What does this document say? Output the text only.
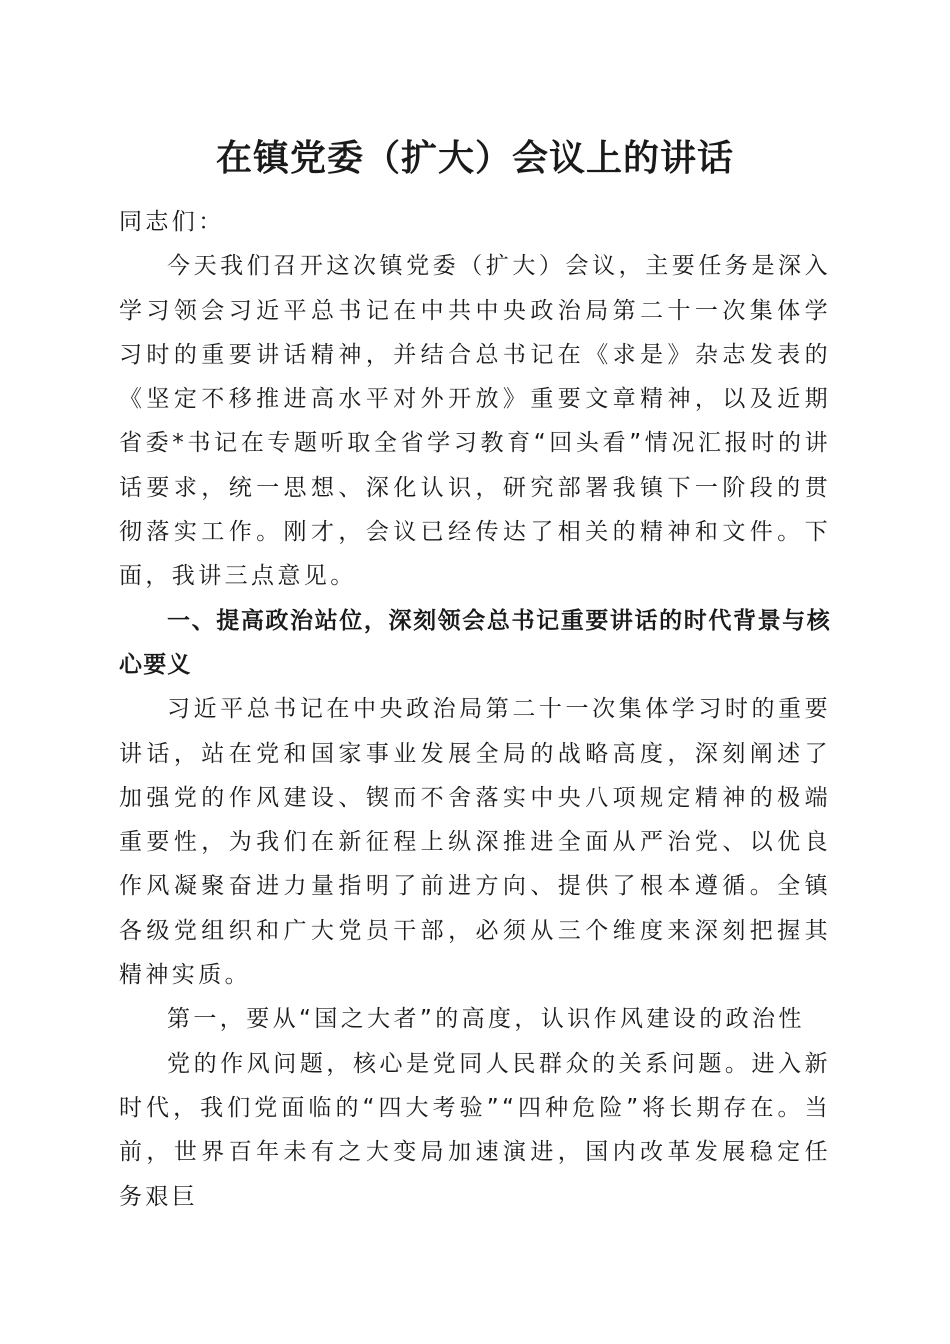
在镇党委（扩大）会议上的讲话

同志们：

今天我们召开这次镇党委（扩大）会议，主要任务是深入学习领会习近平总书记在中共中央政治局第二十一次集体学习时的重要讲话精神，并结合总书记在《求是》杂志发表的《坚定不移推进高水平对外开放》重要文章精神，以及近期省委*书记在专题听取全省学习教育“回头看”情况汇报时的讲话要求，统一思想、深化认识，研究部署我镇下一阶段的贯彻落实工作。刚才，会议已经传达了相关的精神和文件。下面，我讲三点意见。

一、提高政治站位，深刻领会总书记重要讲话的时代背景与核心要义

习近平总书记在中央政治局第二十一次集体学习时的重要讲话，站在党和国家事业发展全局的战略高度，深刻阐述了加强党的作风建设、锲而不舍落实中央八项规定精神的极端重要性，为我们在新征程上纵深推进全面从严治党、以优良作风凝聚奋进力量指明了前进方向、提供了根本遵循。全镇各级党组织和广大党员干部，必须从三个维度来深刻把握其精神实质。

第一，要从“国之大者”的高度，认识作风建设的政治性

党的作风问题，核心是党同人民群众的关系问题。进入新时代，我们党面临的“四大考验”“四种危险”将长期存在。当前，世界百年未有之大变局加速演进，国内改革发展稳定任务艰巨
